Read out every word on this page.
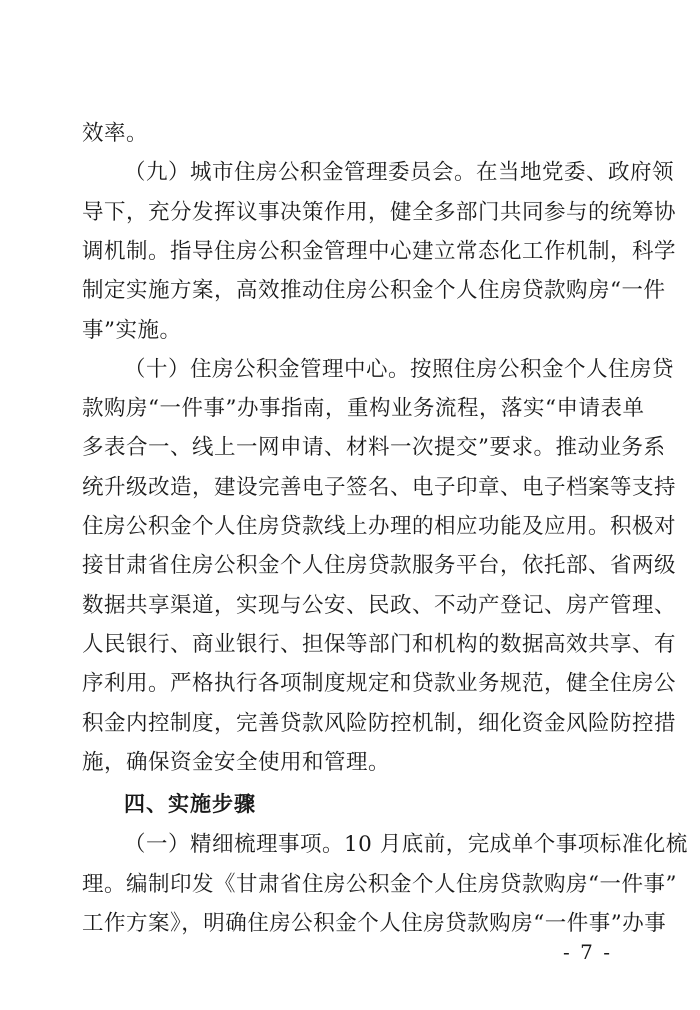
效率。
（九）城市住房公积金管理委员会。在当地党委、政府领
导下，充分发挥议事决策作用，健全多部门共同参与的统筹协
调机制。指导住房公积金管理中心建立常态化工作机制，科学
制定实施方案，高效推动住房公积金个人住房贷款购房“一件
事”实施。
（十）住房公积金管理中心。按照住房公积金个人住房贷
款购房“一件事”办事指南，重构业务流程，落实“申请表单
多表合一、线上一网申请、材料一次提交”要求。推动业务系
统升级改造，建设完善电子签名、电子印章、电子档案等支持
住房公积金个人住房贷款线上办理的相应功能及应用。积极对
接甘肃省住房公积金个人住房贷款服务平台，依托部、省两级
数据共享渠道，实现与公安、民政、不动产登记、房产管理、
人民银行、商业银行、担保等部门和机构的数据高效共享、有
序利用。严格执行各项制度规定和贷款业务规范，健全住房公
积金内控制度，完善贷款风险防控机制，细化资金风险防控措
施，确保资金安全使用和管理。
四、实施步骤
（一）精细梳理事项。10 月底前，完成单个事项标准化梳
理。编制印发《甘肃省住房公积金个人住房贷款购房“一件事”
工作方案》，明确住房公积金个人住房贷款购房“一件事”办事
- 7 -
